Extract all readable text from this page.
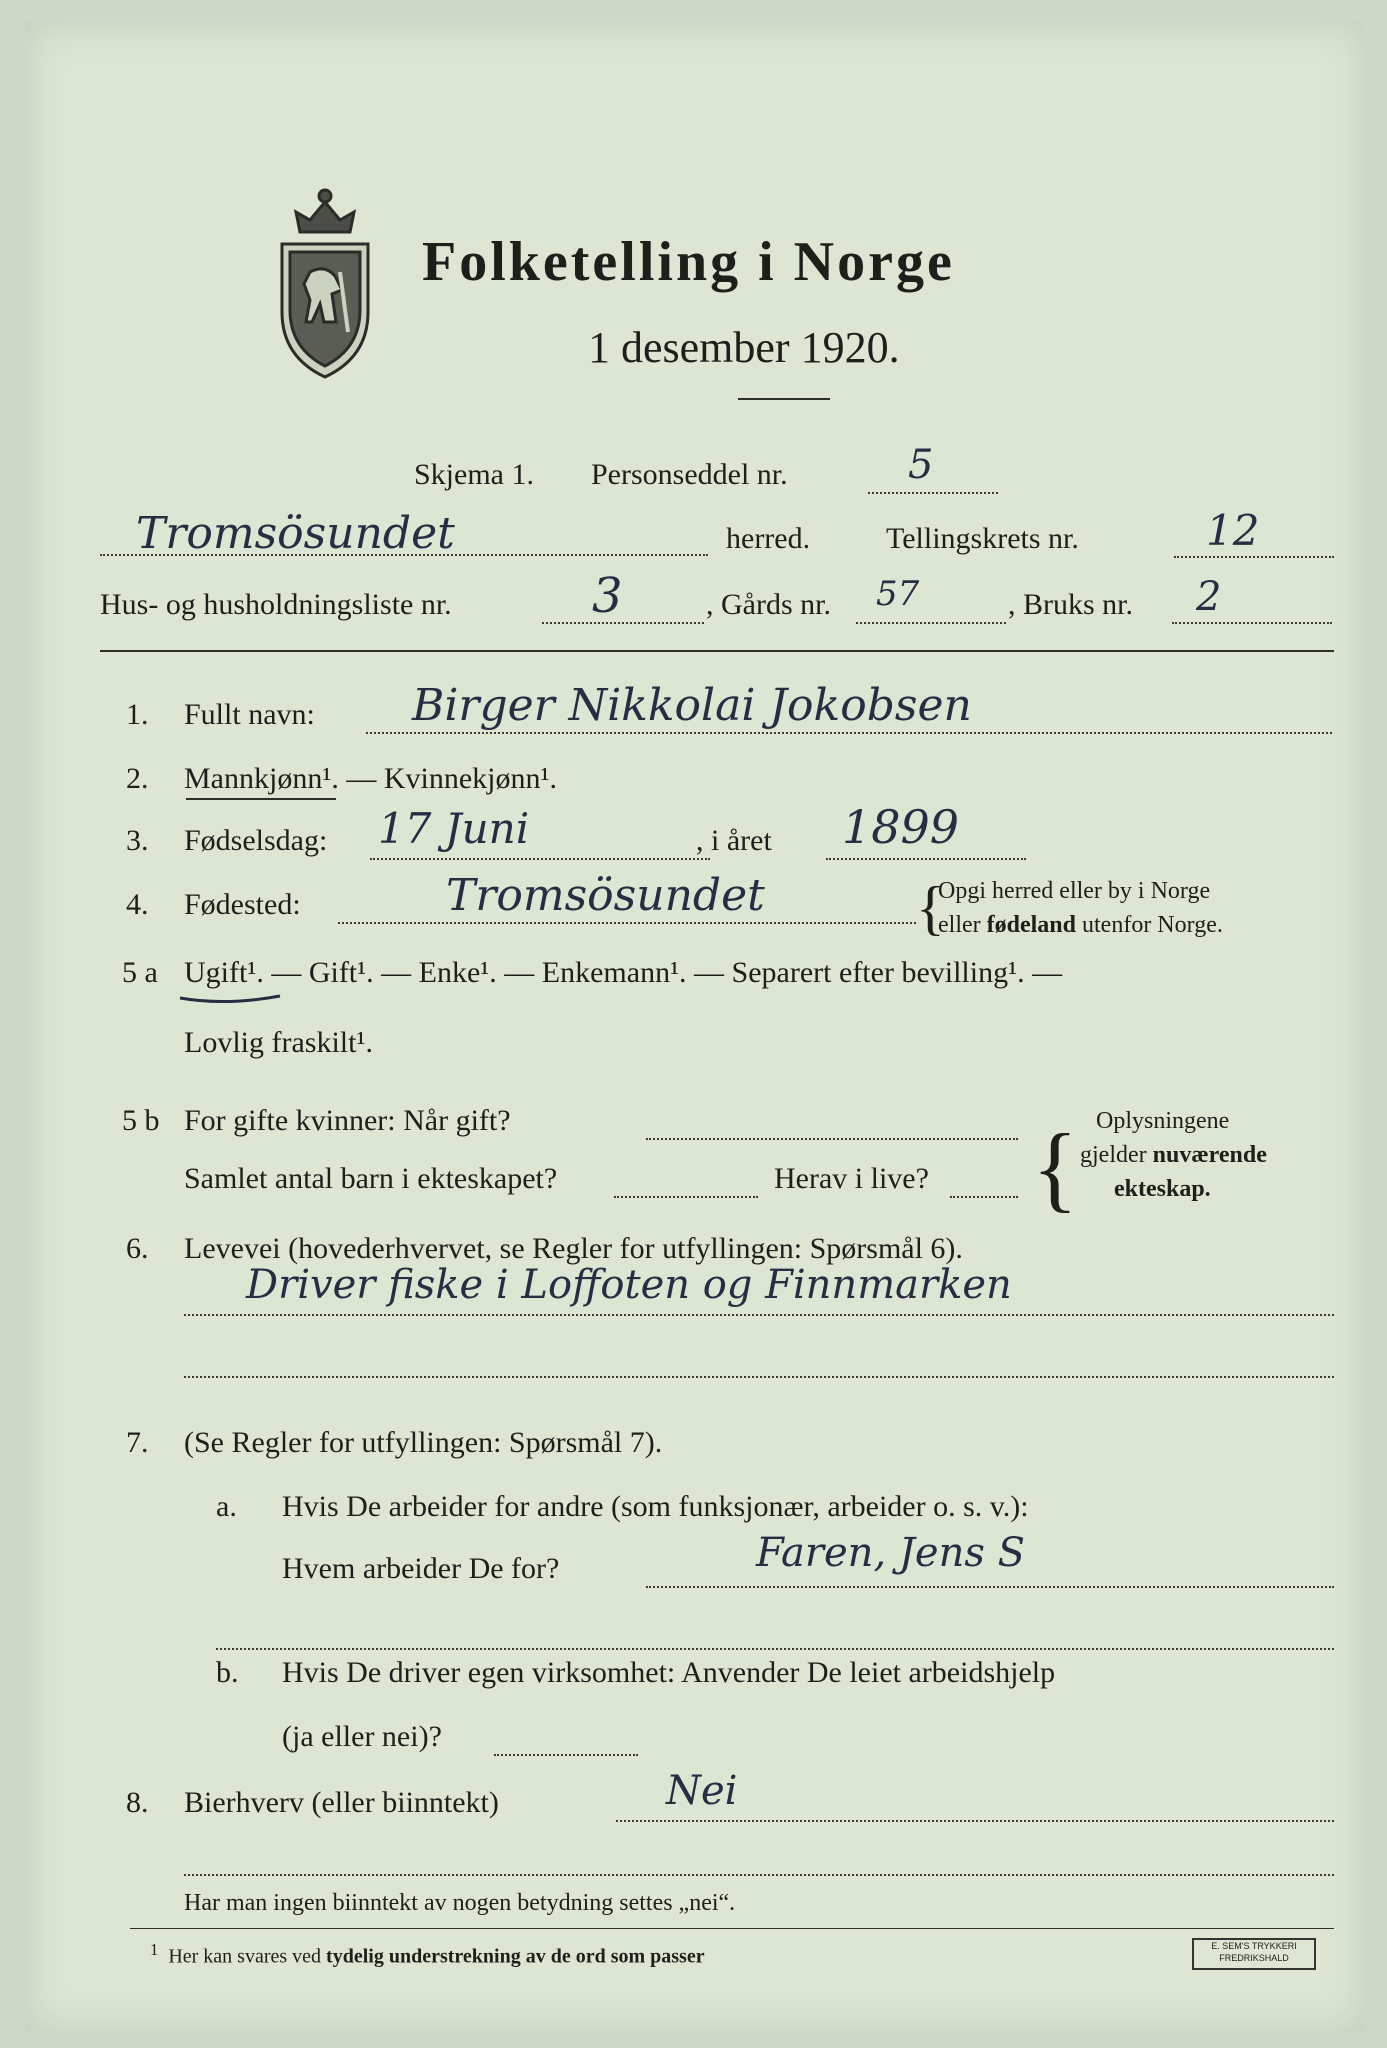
Folketelling i Norge
1 desember 1920.
Skjema 1. Personseddel nr.	5
Tromsösundet	herred.	Tellingskrets nr.	12
Hus- og husholdningsliste nr.	3	, Gårds nr. 57	, Bruks nr. 2
1. Fullt navn: Birger Nikkolai Jokobsen
2. Mannkjønn¹. — Kvinnekjønn¹.
3. Fødselsdag: 17 Juni	, i året 1899
4. Fødested:	Tromsösundet	{
Opgi herred eller by i Norge
eller fødeland utenfor Norge.
5 a Ugift¹. — Gift¹. — Enke¹. — Enkemann¹. — Separert efter bevilling¹. —
Lovlig fraskilt¹.
5 b For gifte kvinner: Når gift?
Samlet antal barn i ekteskapet?	Herav i live? { Oplysningene
gjelder nuværende
ekteskap.
6. Levevei (hovederhvervet, se Regler for utfyllingen: Spørsmål 6).
Driver fiske i Loffoten og Finnmarken
7. (Se Regler for utfyllingen: Spørsmål 7).
a. Hvis De arbeider for andre (som funksjonær, arbeider o. s. v.):
Hvem arbeider De for?	Faren, Jens S
b. Hvis De driver egen virksomhet: Anvender De leiet arbeidshjelp
(ja eller nei)?
8. Bierhverv (eller biinntekt)	Nei
Har man ingen biinntekt av nogen betydning settes „nei“.
$^1$ Her kan svares ved tydelig understrekning av de ord som passer	E. SEM'S TRYKKERI
FREDRIKSHALD
